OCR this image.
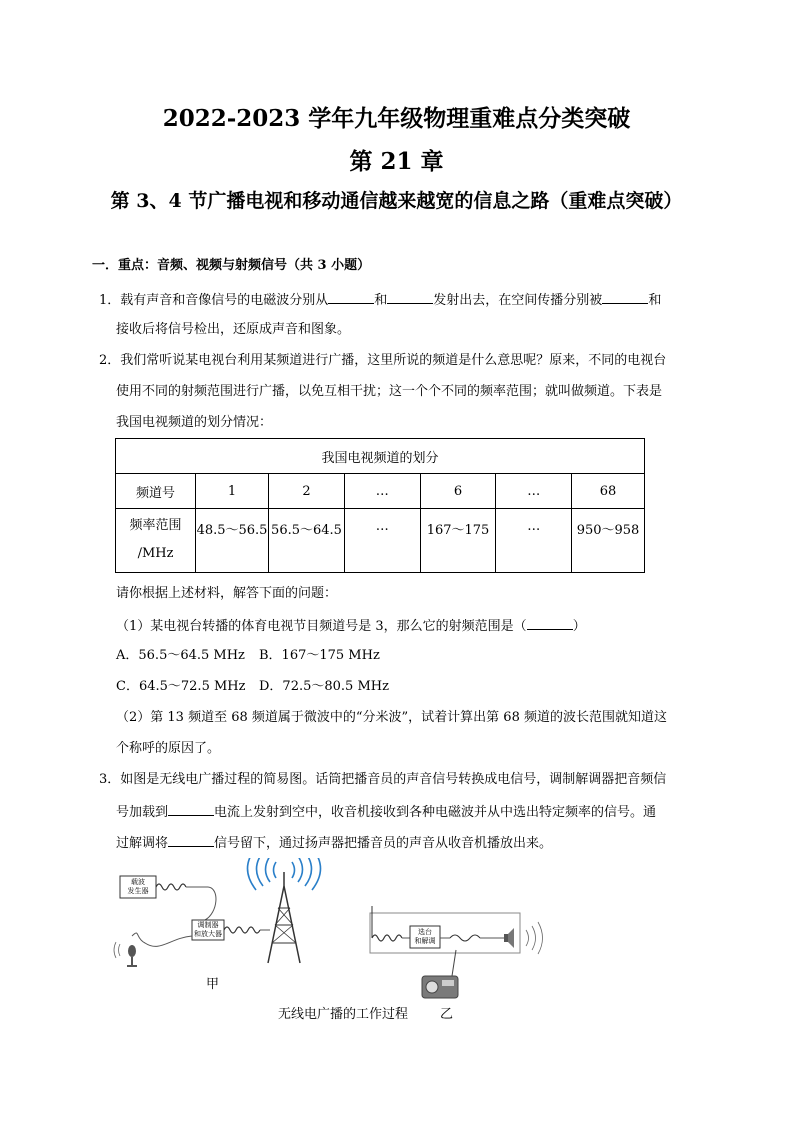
2022-2023 学年九年级物理重难点分类突破
第 21 章
第 3、4 节广播电视和移动通信越来越宽的信息之路（重难点突破）
一．重点：音频、视频与射频信号（共 3 小题）
1．载有声音和音像信号的电磁波分别从	和	发射出去，在空间传播分别被	和
接收后将信号检出，还原成声音和图象。
2．我们常听说某电视台利用某频道进行广播，这里所说的频道是什么意思呢？原来，不同的电视台
使用不同的射频范围进行广播，以免互相干扰；这一个个不同的频率范围；就叫做频道。下表是
我国电视频道的划分情况：
我国电视频道的划分						
频道号	1	2	…	6	…	68
频率范围
/MHz	48.5～56.5	56.5～64.5	…	167～175	…	950～958
请你根据上述材料，解答下面的问题：
（1）某电视台转播的体育电视节目频道号是 3，那么它的射频范围是（	）
A．56.5～64.5 MHz B．167～175 MHz
C．64.5～72.5 MHz D．72.5～80.5 MHz
（2）第 13 频道至 68 频道属于微波中的“分米波”，试着计算出第 68 频道的波长范围就知道这
个称呼的原因了。
3．如图是无线电广播过程的简易图。话筒把播音员的声音信号转换成电信号，调制解调器把音频信
号加载到	电流上发射到空中，收音机接收到各种电磁波并从中选出特定频率的信号。通
过解调将	信号留下，通过扬声器把播音员的声音从收音机播放出来。
载波
发生器
调制器
和放大器	选台
和解调
甲
无线电广播的工作过程 乙
